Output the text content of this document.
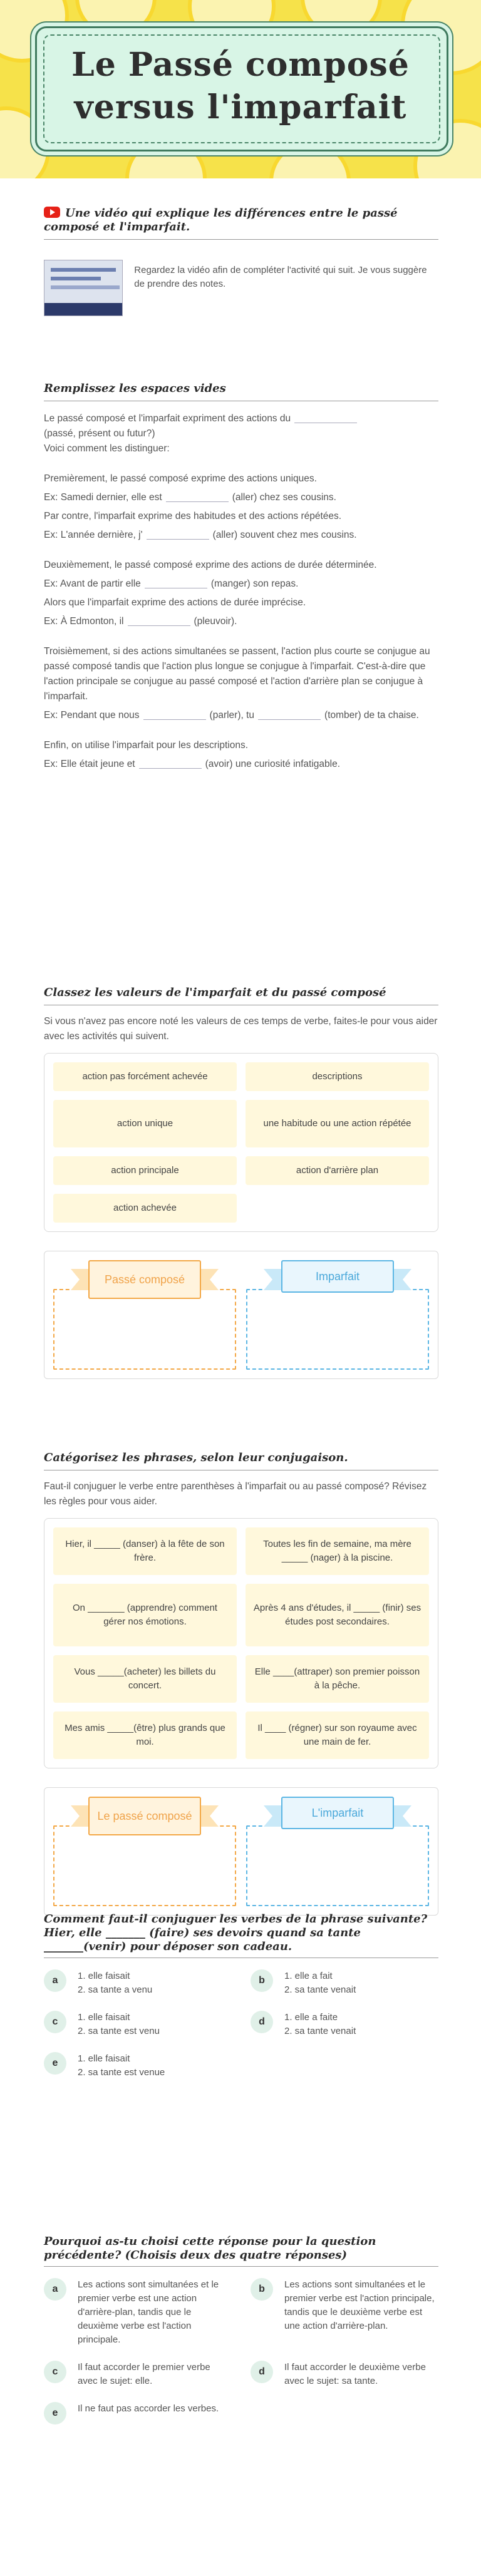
Le Passé composé versus l'imparfait
Une vidéo qui explique les différences entre le passé composé et l'imparfait.

Regardez la vidéo afin de compléter l'activité qui suit. Je vous suggère de prendre des notes.

Remplissez les espaces vides

Le passé composé et l'imparfait expriment des actions du
(passé, présent ou futur?)

Voici comment les distinguer:

Premièrement, le passé composé exprime des actions uniques.

Ex: Samedi dernier, elle est	(aller) chez ses cousins.

Par contre, l'imparfait exprime des habitudes et des actions répétées.

Ex: L'année dernière, j'	(aller) souvent chez mes cousins.

Deuxièmement, le passé composé exprime des actions de durée déterminée.

Ex: Avant de partir elle	(manger) son repas.

Alors que l'imparfait exprime des actions de durée imprécise.

Ex: À Edmonton, il	(pleuvoir).

Troisièmement, si des actions simultanées se passent, l'action plus courte se conjugue au passé composé tandis que l'action plus longue se conjugue à l'imparfait. C'est-à-dire que l'action principale se conjugue au passé composé et l'action d'arrière plan se conjugue à l'imparfait.

Ex: Pendant que nous	(parler), tu	(tomber) de ta chaise.

Enfin, on utilise l'imparfait pour les descriptions.

Ex: Elle était jeune et	(avoir) une curiosité infatigable.

Classez les valeurs de l'imparfait et du passé composé

Si vous n'avez pas encore noté les valeurs de ces temps de verbe, faites-le pour vous aider avec les activités qui suivent.

action pas forcément achevée	descriptions
action unique	une habitude ou une action répétée
action principale	action d'arrière plan
action achevée
Passé composé	Imparfait
Catégorisez les phrases, selon leur conjugaison.

Faut-il conjuguer le verbe entre parenthèses à l'imparfait ou au passé composé? Révisez les règles pour vous aider.

Hier, il _____ (danser) à la fête de son frère.
Toutes les fin de semaine, ma mère _____ (nager) à la piscine.
On _______ (apprendre) comment gérer nos émotions.
Après 4 ans d'études, il _____ (finir) ses études post secondaires.
Vous _____(acheter) les billets du concert.
Elle ____(attraper) son premier poisson à la pêche.
Mes amis _____(être) plus grands que moi.
Il ____ (régner) sur son royaume avec une main de fer.
Le passé composé	L'imparfait
Comment faut-il conjuguer les verbes de la phrase suivante? Hier, elle _______ (faire) ses devoirs quand sa tante _______(venir) pour déposer son cadeau.
a	1. elle faisait
2. sa tante a venu
b	1. elle a fait
2. sa tante venait
c	1. elle faisait
2. sa tante est venu
d	1. elle a faite
2. sa tante venait
e	1. elle faisait
2. sa tante est venue
Pourquoi as-tu choisi cette réponse pour la question précédente? (Choisis deux des quatre réponses)
a	Les actions sont simultanées et le premier verbe est une action d'arrière-plan, tandis que le deuxième verbe est l'action principale.
b	Les actions sont simultanées et le premier verbe est l'action principale, tandis que le deuxième verbe est une action d'arrière-plan.
c	Il faut accorder le premier verbe avec le sujet: elle.
d	Il faut accorder le deuxième verbe avec le sujet: sa tante.
e	Il ne faut pas accorder les verbes.
